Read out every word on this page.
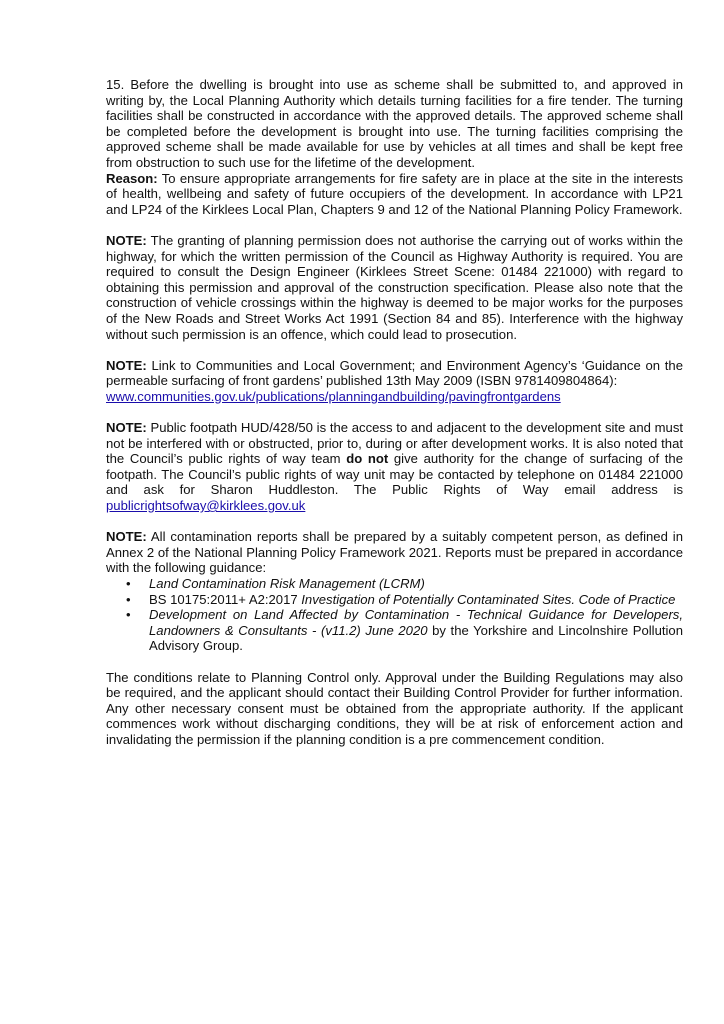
15. Before the dwelling is brought into use as scheme shall be submitted to, and approved in writing by, the Local Planning Authority which details turning facilities for a fire tender. The turning facilities shall be constructed in accordance with the approved details. The approved scheme shall be completed before the development is brought into use. The turning facilities comprising the approved scheme shall be made available for use by vehicles at all times and shall be kept free from obstruction to such use for the lifetime of the development.
Reason: To ensure appropriate arrangements for fire safety are in place at the site in the interests of health, wellbeing and safety of future occupiers of the development. In accordance with LP21 and LP24 of the Kirklees Local Plan, Chapters 9 and 12 of the National Planning Policy Framework.

NOTE: The granting of planning permission does not authorise the carrying out of works within the highway, for which the written permission of the Council as Highway Authority is required. You are required to consult the Design Engineer (Kirklees Street Scene: 01484 221000) with regard to obtaining this permission and approval of the construction specification. Please also note that the construction of vehicle crossings within the highway is deemed to be major works for the purposes of the New Roads and Street Works Act 1991 (Section 84 and 85). Interference with the highway without such permission is an offence, which could lead to prosecution.

NOTE: Link to Communities and Local Government; and Environment Agency’s ‘Guidance on the permeable surfacing of front gardens’ published 13th May 2009 (ISBN 9781409804864):
www.communities.gov.uk/publications/planningandbuilding/pavingfrontgardens

NOTE: Public footpath HUD/428/50 is the access to and adjacent to the development site and must not be interfered with or obstructed, prior to, during or after development works. It is also noted that the Council’s public rights of way team do not give authority for the change of surfacing of the footpath. The Council’s public rights of way unit may be contacted by telephone on 01484 221000 and ask for Sharon Huddleston. The Public Rights of Way email address is publicrightsofway@kirklees.gov.uk

NOTE: All contamination reports shall be prepared by a suitably competent person, as defined in Annex 2 of the National Planning Policy Framework 2021. Reports must be prepared in accordance with the following guidance:

• Land Contamination Risk Management (LCRM)
• BS 10175:2011+ A2:2017 Investigation of Potentially Contaminated Sites. Code of Practice
• Development on Land Affected by Contamination - Technical Guidance for Developers, Landowners & Consultants - (v11.2) June 2020 by the Yorkshire and Lincolnshire Pollution Advisory Group.

The conditions relate to Planning Control only. Approval under the Building Regulations may also be required, and the applicant should contact their Building Control Provider for further information. Any other necessary consent must be obtained from the appropriate authority. If the applicant commences work without discharging conditions, they will be at risk of enforcement action and invalidating the permission if the planning condition is a pre commencement condition.
